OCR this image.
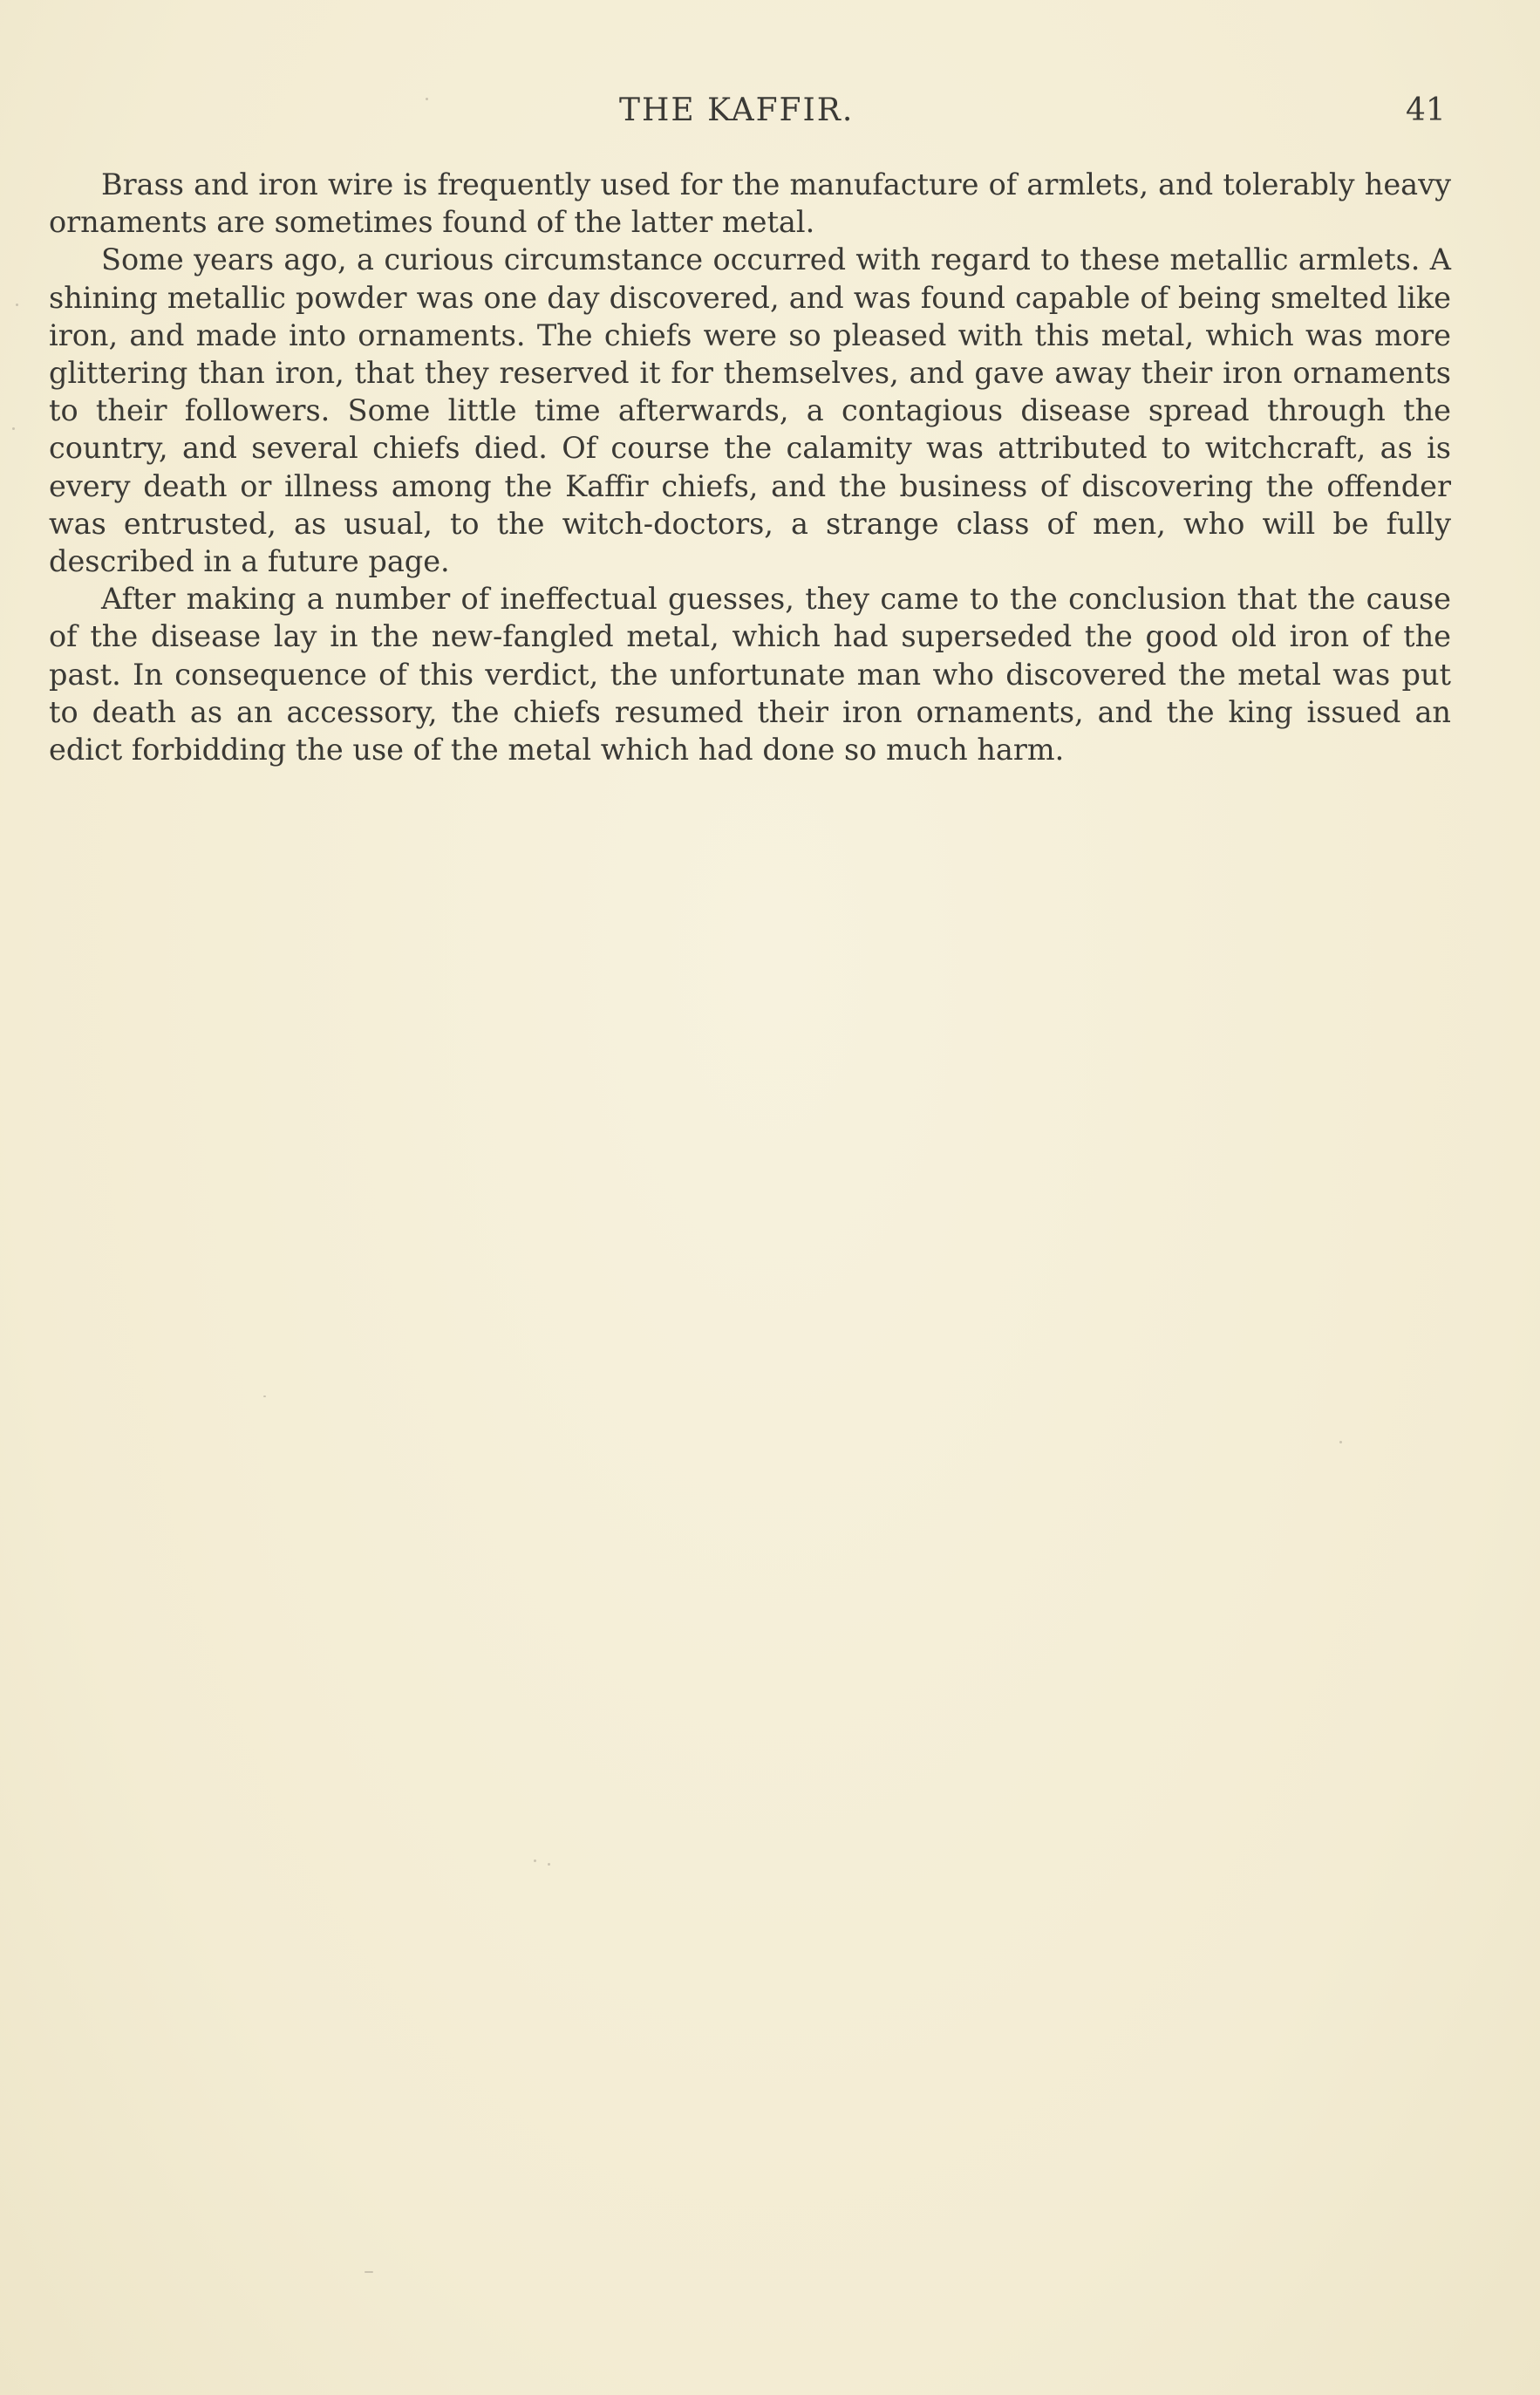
THE KAFFIR.	41

Brass and iron wire is frequently used for the manufacture of armlets, and tolerably heavy ornaments are sometimes found of the latter metal.

Some years ago, a curious circumstance occurred with regard to these metallic armlets. A shining metallic powder was one day discovered, and was found capable of being smelted like iron, and made into ornaments. The chiefs were so pleased with this metal, which was more glittering than iron, that they reserved it for themselves, and gave away their iron ornaments to their followers. Some little time afterwards, a contagious disease spread through the country, and several chiefs died. Of course the calamity was attributed to witchcraft, as is every death or illness among the Kaffir chiefs, and the business of discovering the offender was entrusted, as usual, to the witch-doctors, a strange class of men, who will be fully described in a future page.

After making a number of ineffectual guesses, they came to the conclusion that the cause of the disease lay in the new-fangled metal, which had superseded the good old iron of the past. In consequence of this verdict, the unfortunate man who discovered the metal was put to death as an accessory, the chiefs resumed their iron ornaments, and the king issued an edict forbidding the use of the metal which had done so much harm.
